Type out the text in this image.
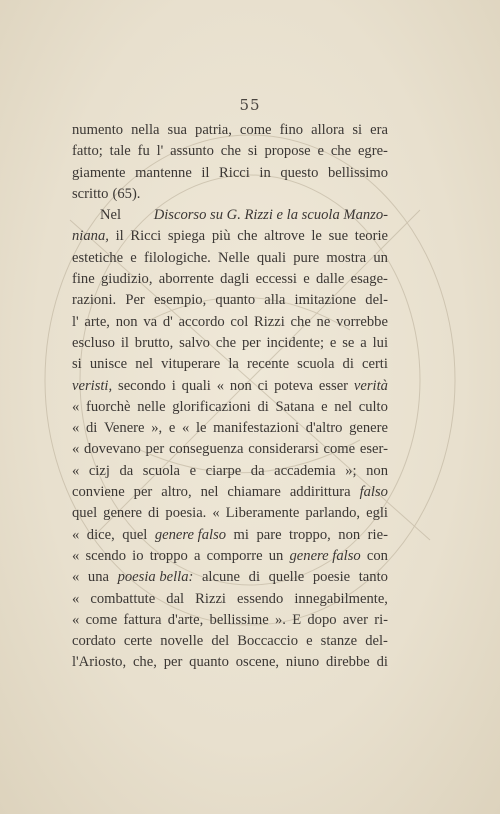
55
numento nella sua patria, come fino allora si era
fatto; tale fu l' assunto che si propose e che egre-
giamente mantenne il Ricci in questo bellissimo
scritto (65).
Nel Discorso su G. Rizzi e la scuola Manzo-
niana, il Ricci spiega più che altrove le sue teorie
estetiche e filologiche. Nelle quali pure mostra un
fine giudizio, aborrente dagli eccessi e dalle esage-
razioni. Per esempio, quanto alla imitazione del-
l' arte, non va d' accordo col Rizzi che ne vorrebbe
escluso il brutto, salvo che per incidente; e se a lui
si unisce nel vituperare la recente scuola di certi
veristi, secondo i quali « non ci poteva esser verità
« fuorchè nelle glorificazioni di Satana e nel culto
« di Venere », e « le manifestazioni d'altro genere
« dovevano per conseguenza considerarsi come eser-
« cizj da scuola e ciarpe da accademia »; non
conviene per altro, nel chiamare addirittura falso
quel genere di poesia. « Liberamente parlando, egli
« dice, quel genere falso mi pare troppo, non rie-
« scendo io troppo a comporre un genere falso con
« una poesia bella: alcune di quelle poesie tanto
« combattute dal Rizzi essendo innegabilmente,
« come fattura d'arte, bellissime ». E dopo aver ri-
cordato certe novelle del Boccaccio e stanze del-
l'Ariosto, che, per quanto oscene, niuno direbbe di
